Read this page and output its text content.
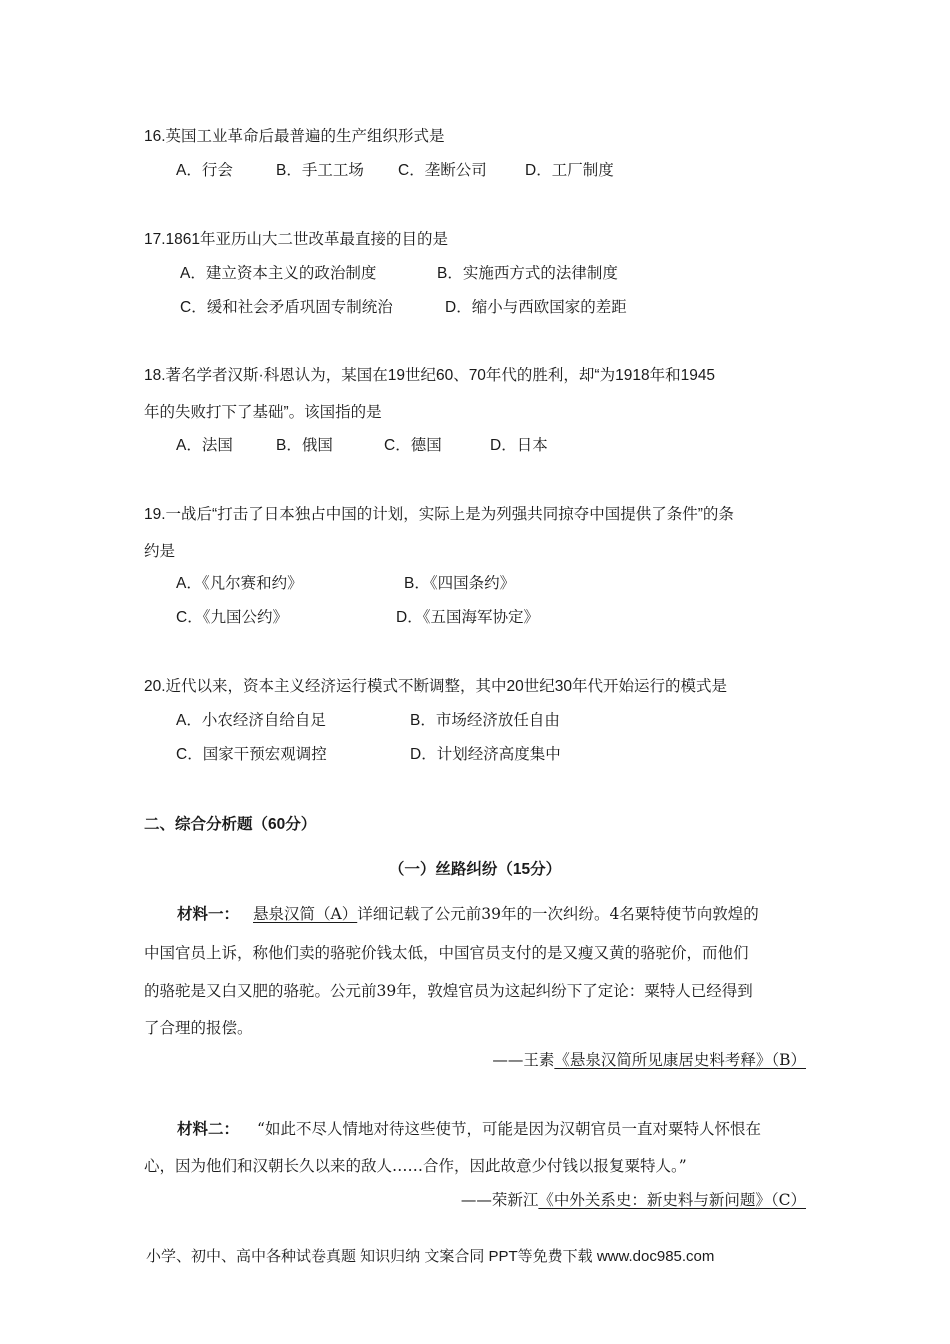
16.英国工业革命后最普遍的生产组织形式是
A．行会	B．手工工场 C．垄断公司 D．工厂制度
17.1861年亚历山大二世改革最直接的目的是
A．建立资本主义的政治制度	B．实施西方式的法律制度
C．缓和社会矛盾巩固专制统治	D．缩小与西欧国家的差距
18.著名学者汉斯·科恩认为，某国在19世纪60、70年代的胜利，却“为1918年和1945
年的失败打下了基础”。该国指的是
A．法国	B．俄国	C．德国	D．日本
19.一战后“打击了日本独占中国的计划，实际上是为列强共同掠夺中国提供了条件”的条
约是
A．《凡尔赛和约》	B．《四国条约》
C．《九国公约》	D．《五国海军协定》
20.近代以来，资本主义经济运行模式不断调整，其中20世纪30年代开始运行的模式是
A．小农经济自给自足	B．市场经济放任自由
C．国家干预宏观调控	D．计划经济高度集中
二、综合分析题（60分）
（一）丝路纠纷（15分）
材料一： 悬泉汉简（A）详细记载了公元前39年的一次纠纷。4名粟特使节向敦煌的
中国官员上诉，称他们卖的骆驼价钱太低，中国官员支付的是又瘦又黄的骆驼价，而他们
的骆驼是又白又肥的骆驼。公元前39年，敦煌官员为这起纠纷下了定论：粟特人已经得到
了合理的报偿。
——王素《悬泉汉简所见康居史料考释》（B）
材料二： “如此不尽人情地对待这些使节，可能是因为汉朝官员一直对粟特人怀恨在
心，因为他们和汉朝长久以来的敌人……合作，因此故意少付钱以报复粟特人。”
——荣新江《中外关系史：新史料与新问题》（C）
小学、初中、高中各种试卷真题 知识归纳 文案合同 PPT等免费下载 www.doc985.com
